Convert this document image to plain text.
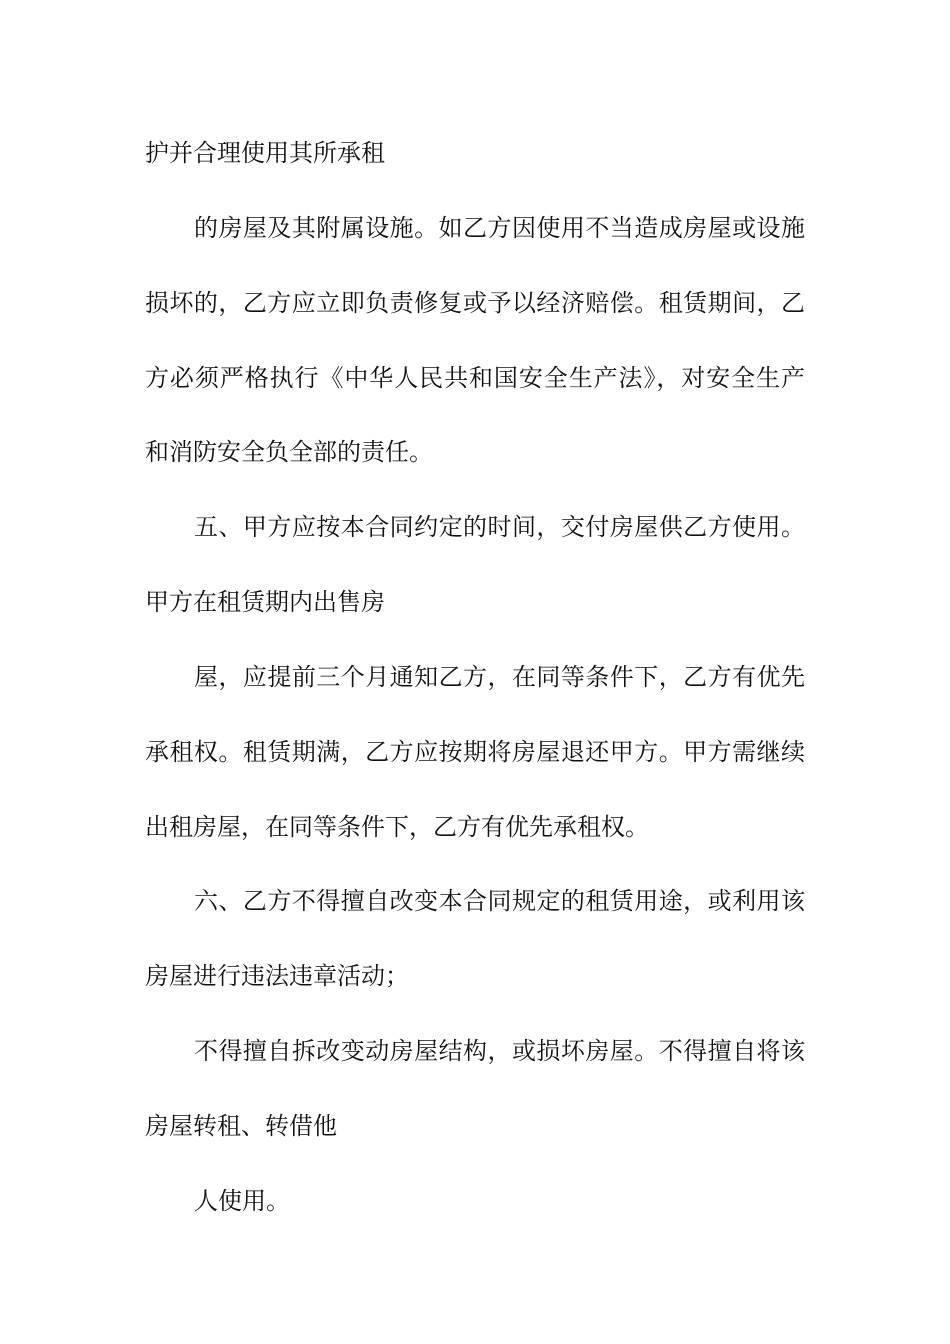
护并合理使用其所承租
的房屋及其附属设施。如乙方因使用不当造成房屋或设施
损坏的，乙方应立即负责修复或予以经济赔偿。租赁期间，乙
方必须严格执行《中华人民共和国安全生产法》，对安全生产
和消防安全负全部的责任。
五、甲方应按本合同约定的时间，交付房屋供乙方使用。
甲方在租赁期内出售房
屋，应提前三个月通知乙方，在同等条件下，乙方有优先
承租权。租赁期满，乙方应按期将房屋退还甲方。甲方需继续
出租房屋，在同等条件下，乙方有优先承租权。
六、乙方不得擅自改变本合同规定的租赁用途，或利用该
房屋进行违法违章活动；
不得擅自拆改变动房屋结构，或损坏房屋。不得擅自将该
房屋转租、转借他
人使用。
